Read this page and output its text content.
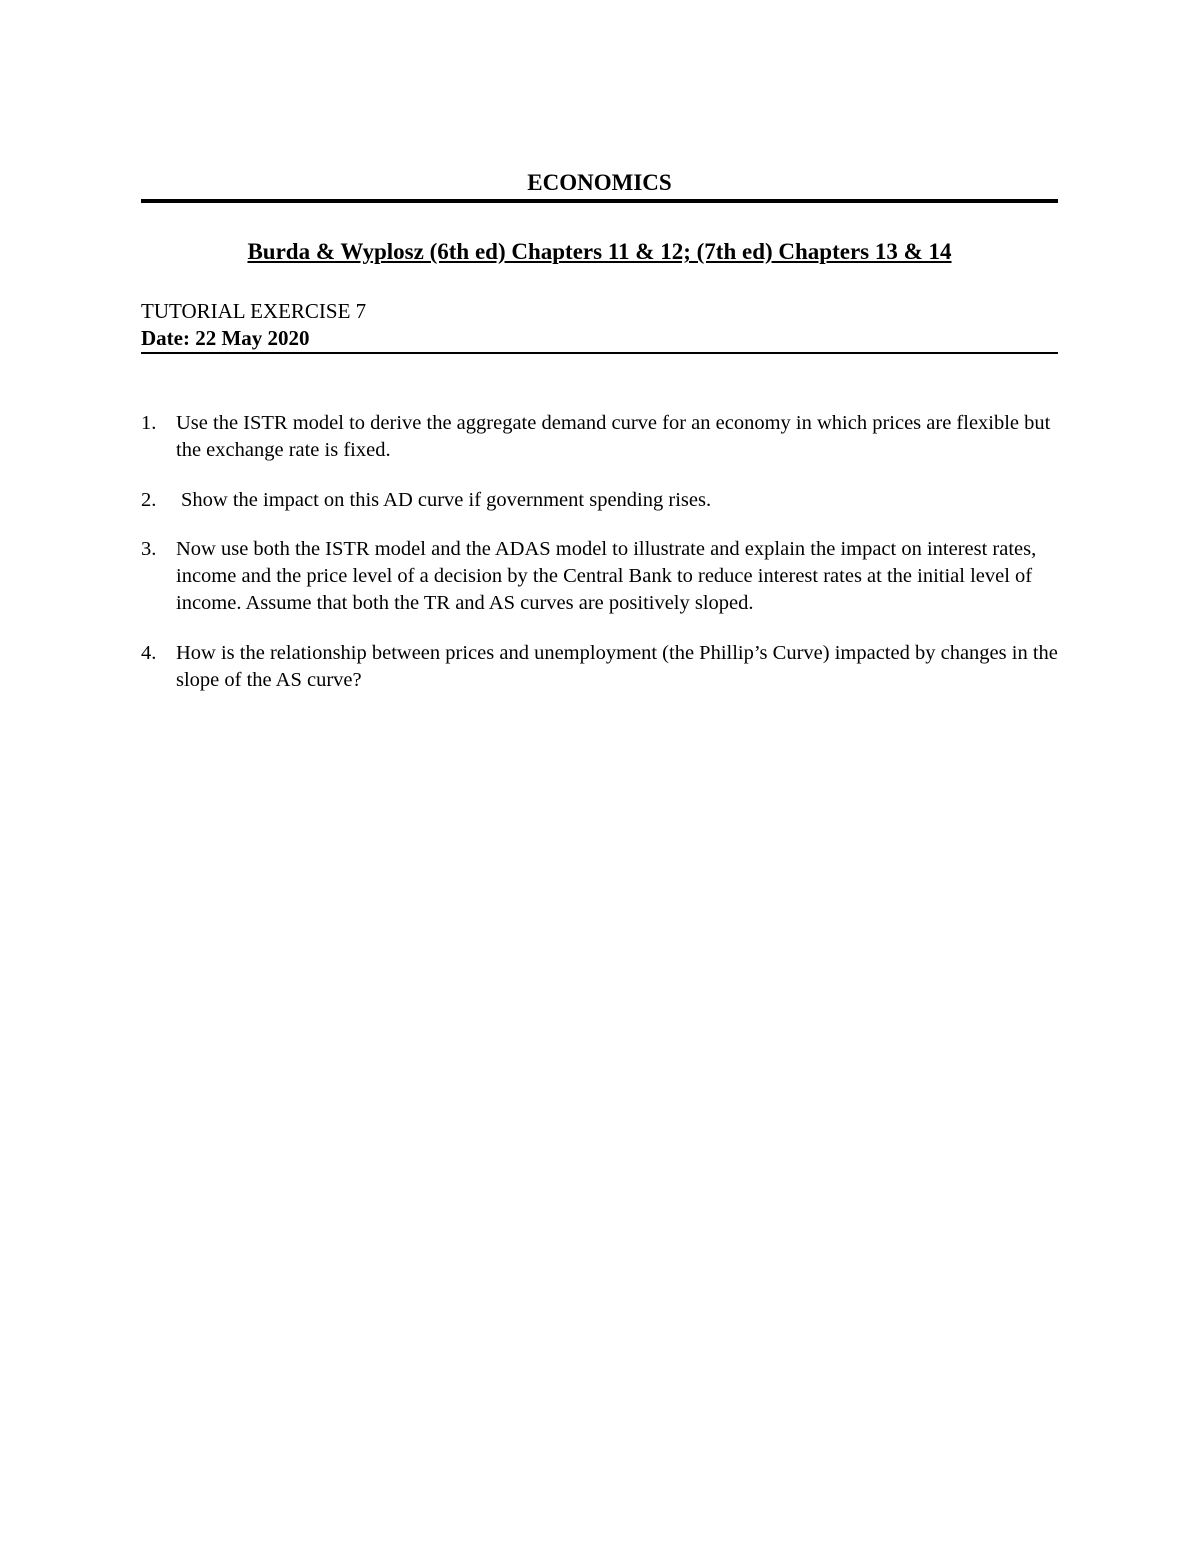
ECONOMICS
Burda & Wyplosz (6th ed) Chapters 11 & 12; (7th ed) Chapters 13 & 14

TUTORIAL EXERCISE 7

Date: 22 May 2020

1. Use the ISTR model to derive the aggregate demand curve for an economy in which prices are flexible but the exchange rate is fixed.
2. Show the impact on this AD curve if government spending rises.
3. Now use both the ISTR model and the ADAS model to illustrate and explain the impact on interest rates, income and the price level of a decision by the Central Bank to reduce interest rates at the initial level of income. Assume that both the TR and AS curves are positively sloped.
4. How is the relationship between prices and unemployment (the Phillip’s Curve) impacted by changes in the slope of the AS curve?
